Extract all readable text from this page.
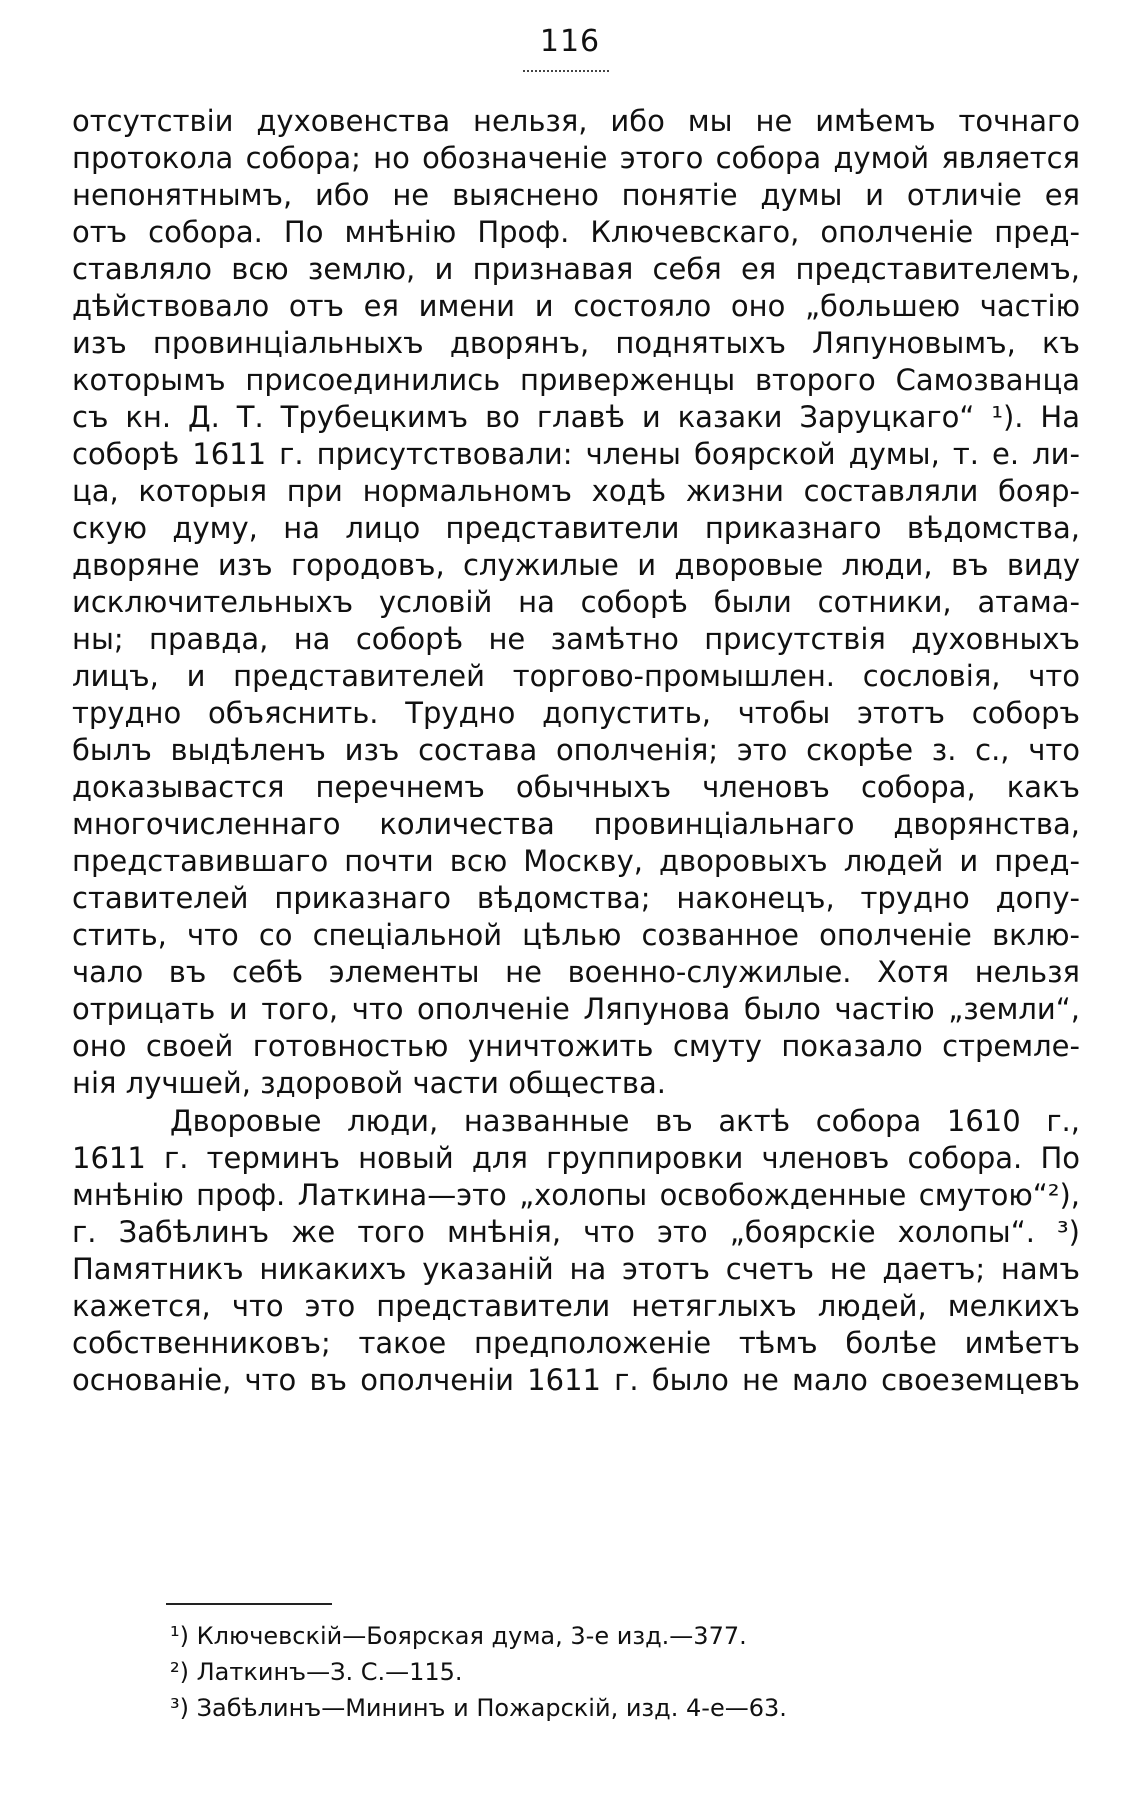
116
отсутствіи духовенства нельзя, ибо мы не имѣемъ точнаго
протокола собора; но обозначеніе этого собора думой является
непонятнымъ, ибо не выяснено понятіе думы и отличіе ея
отъ собора. По мнѣнію Проф. Ключевскаго, ополченіе пред-
ставляло всю землю, и признавая себя ея представителемъ,
дѣйствовало отъ ея имени и состояло оно „большею частію
изъ провинціальныхъ дворянъ, поднятыхъ Ляпуновымъ, къ
которымъ присоединились приверженцы второго Самозванца
съ кн. Д. Т. Трубецкимъ во главѣ и казаки Заруцкаго“ ¹). На
соборѣ 1611 г. присутствовали: члены боярской думы, т. е. ли-
ца, которыя при нормальномъ ходѣ жизни составляли бояр-
скую думу, на лицо представители приказнаго вѣдомства,
дворяне изъ городовъ, служилые и дворовые люди, въ виду
исключительныхъ условій на соборѣ были сотники, атама-
ны; правда, на соборѣ не замѣтно присутствія духовныхъ
лицъ, и представителей торгово-промышлен. сословія, что
трудно объяснить. Трудно допустить, чтобы этотъ соборъ
былъ выдѣленъ изъ состава ополченія; это скорѣе з. с., что
доказывастся перечнемъ обычныхъ членовъ собора, какъ
многочисленнаго количества провинціальнаго дворянства,
представившаго почти всю Москву, дворовыхъ людей и пред-
ставителей приказнаго вѣдомства; наконецъ, трудно допу-
стить, что со спеціальной цѣлью созванное ополченіе вклю-
чало въ себѣ элементы не военно-служилые. Хотя нельзя
отрицать и того, что ополченіе Ляпунова было частію „земли“,
оно своей готовностью уничтожить смуту показало стремле-
нія лучшей, здоровой части общества.
Дворовые люди, названные въ актѣ собора 1610 г.,
1611 г. терминъ новый для группировки членовъ собора. По
мнѣнію проф. Латкина—это „холопы освобожденные смутою“²),
г. Забѣлинъ же того мнѣнія, что это „боярскіе холопы“. ³)
Памятникъ никакихъ указаній на этотъ счетъ не даетъ; намъ
кажется, что это представители нетяглыхъ людей, мелкихъ
собственниковъ; такое предположеніе тѣмъ болѣе имѣетъ
основаніе, что въ ополченіи 1611 г. было не мало своеземцевъ
¹) Ключевскій—Боярская дума, 3-е изд.—377.
²) Латкинъ—З. С.—115.
³) Забѣлинъ—Мининъ и Пожарскій, изд. 4-е—63.
